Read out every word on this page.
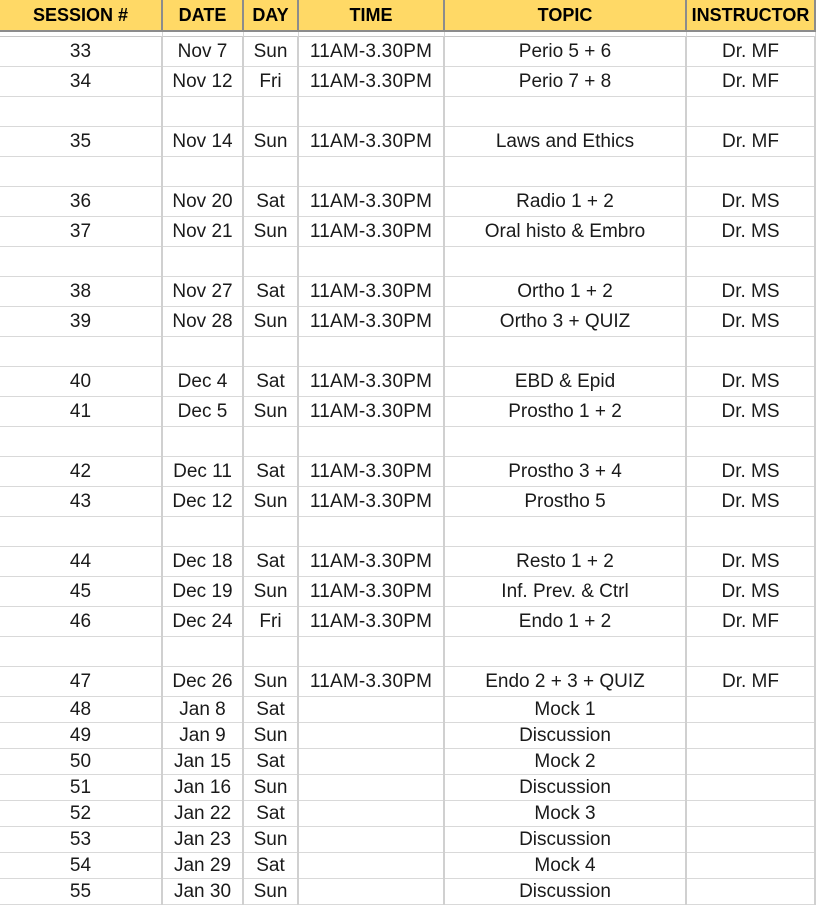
SESSION #	DATE	DAY	TIME	TOPIC	INSTRUCTOR

33	Nov 7	Sun	11AM-3.30PM	Perio 5 + 6	Dr. MF
34	Nov 12	Fri	11AM-3.30PM	Perio 7 + 8	Dr. MF

35	Nov 14	Sun	11AM-3.30PM	Laws and Ethics	Dr. MF

36	Nov 20	Sat	11AM-3.30PM	Radio 1 + 2	Dr. MS
37	Nov 21	Sun	11AM-3.30PM	Oral histo & Embro	Dr. MS

38	Nov 27	Sat	11AM-3.30PM	Ortho 1 + 2	Dr. MS
39	Nov 28	Sun	11AM-3.30PM	Ortho 3 + QUIZ	Dr. MS

40	Dec 4	Sat	11AM-3.30PM	EBD & Epid	Dr. MS
41	Dec 5	Sun	11AM-3.30PM	Prostho 1 + 2	Dr. MS

42	Dec 11	Sat	11AM-3.30PM	Prostho 3 + 4	Dr. MS
43	Dec 12	Sun	11AM-3.30PM	Prostho 5	Dr. MS

44	Dec 18	Sat	11AM-3.30PM	Resto 1 + 2	Dr. MS
45	Dec 19	Sun	11AM-3.30PM	Inf. Prev. & Ctrl	Dr. MS
46	Dec 24	Fri	11AM-3.30PM	Endo 1 + 2	Dr. MF

47	Dec 26	Sun	11AM-3.30PM	Endo 2 + 3 + QUIZ	Dr. MF
48	Jan 8	Sat		Mock 1	
49	Jan 9	Sun		Discussion	
50	Jan 15	Sat		Mock 2	
51	Jan 16	Sun		Discussion	
52	Jan 22	Sat		Mock 3	
53	Jan 23	Sun		Discussion	
54	Jan 29	Sat		Mock 4	
55	Jan 30	Sun		Discussion	
